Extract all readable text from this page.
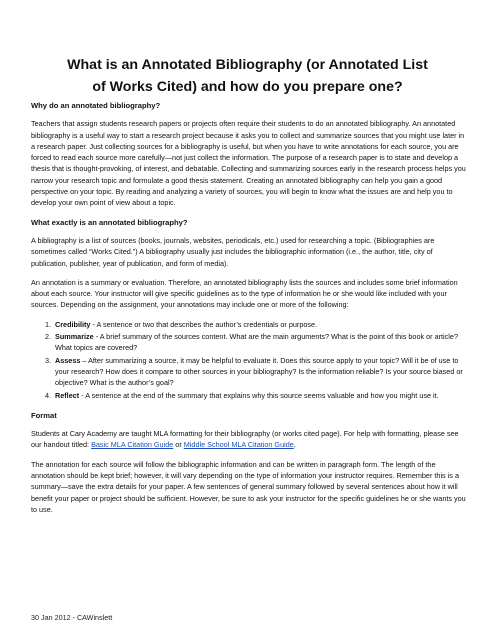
What is an Annotated Bibliography (or Annotated List of Works Cited) and how do you prepare one?
Why do an annotated bibliography?

Teachers that assign students research papers or projects often require their students to do an annotated bibliography. An annotated bibliography is a useful way to start a research project because it asks you to collect and summarize sources that you might use later in a research paper. Just collecting sources for a bibliography is useful, but when you have to write annotations for each source, you are forced to read each source more carefully—not just collect the information. The purpose of a research paper is to state and develop a thesis that is thought-provoking, of interest, and debatable. Collecting and summarizing sources early in the research process helps you narrow your research topic and formulate a good thesis statement. Creating an annotated bibliography can help you gain a good perspective on your topic. By reading and analyzing a variety of sources, you will begin to know what the issues are and help you to develop your own point of view about a topic.

What exactly is an annotated bibliography?

A bibliography is a list of sources (books, journals, websites, periodicals, etc.) used for researching a topic. (Bibliographies are sometimes called “Works Cited.”) A bibliography usually just includes the bibliographic information (i.e., the author, title, city of publication, publisher, year of publication, and form of media).

An annotation is a summary or evaluation. Therefore, an annotated bibliography lists the sources and includes some brief information about each source. Your instructor will give specific guidelines as to the type of information he or she would like included with your sources. Depending on the assignment, your annotations may include one or more of the following:

1. Credibility - A sentence or two that describes the author’s credentials or purpose.
2. Summarize - A brief summary of the sources content. What are the main arguments? What is the point of this book or article? What topics are covered?
3. Assess – After summarizing a source, it may be helpful to evaluate it. Does this source apply to your topic? Will it be of use to your research? How does it compare to other sources in your bibliography? Is the information reliable? Is your source biased or objective? What is the author’s goal?
4. Reflect - A sentence at the end of the summary that explains why this source seems valuable and how you might use it.
Format

Students at Cary Academy are taught MLA formatting for their bibliography (or works cited page). For help with formatting, please see our handout titled: Basic MLA Citation Guide or Middle School MLA Citation Guide.

The annotation for each source will follow the bibliographic information and can be written in paragraph form. The length of the annotation should be kept brief; however, it will vary depending on the type of information your instructor requires. Remember this is a summary—save the extra details for your paper. A few sentences of general summary followed by several sentences about how it will benefit your paper or project should be sufficient. However, be sure to ask your instructor for the specific guidelines he or she wants you to use.

30 Jan 2012 - CAWinslett
